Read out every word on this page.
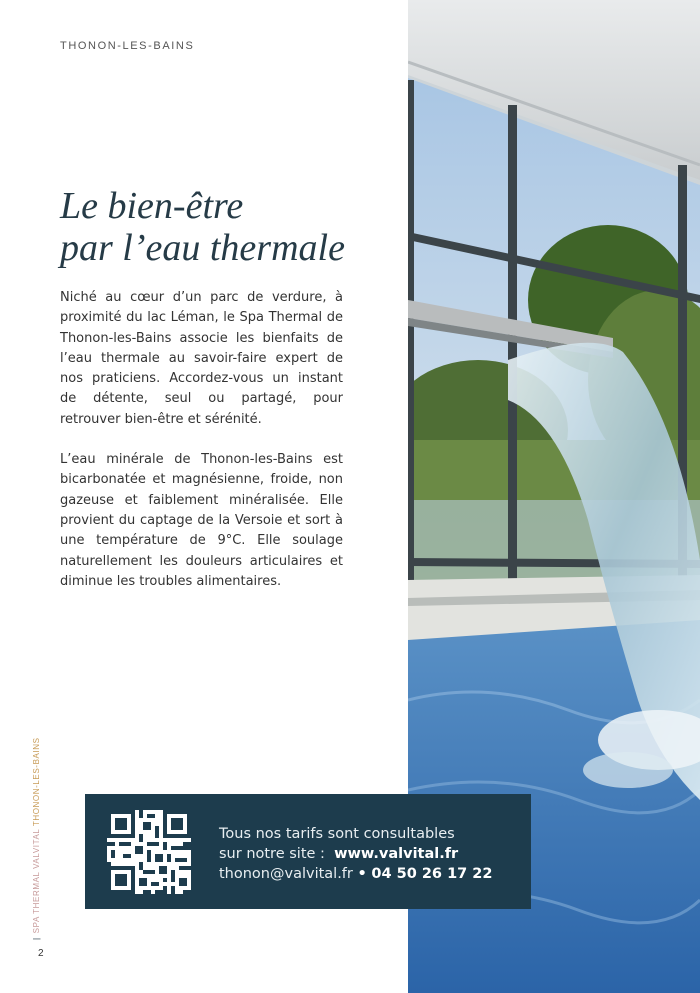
THONON-LES-BAINS
Le bien-être
par l’eau thermale

Niché au cœur d’un parc de verdure, à proximité du lac Léman, le Spa Thermal de Thonon-les-Bains associe les bienfaits de l’eau thermale au savoir-faire expert de nos praticiens. Accordez-vous un instant de détente, seul ou partagé, pour retrouver bien-être et sérénité.

L’eau minérale de Thonon-les-Bains est bicarbonatée et magnésienne, froide, non gazeuse et faiblement minéralisée. Elle provient du captage de la Versoie et sort à une température de 9°C. Elle soulage naturellement les douleurs articulaires et diminue les troubles alimentaires.

Tous nos tarifs sont consultables
sur notre site : www.valvital.fr
thonon@valvital.fr • 04 50 26 17 22
|SPA THERMAL VALVITAL THONON-LES-BAINS
2
